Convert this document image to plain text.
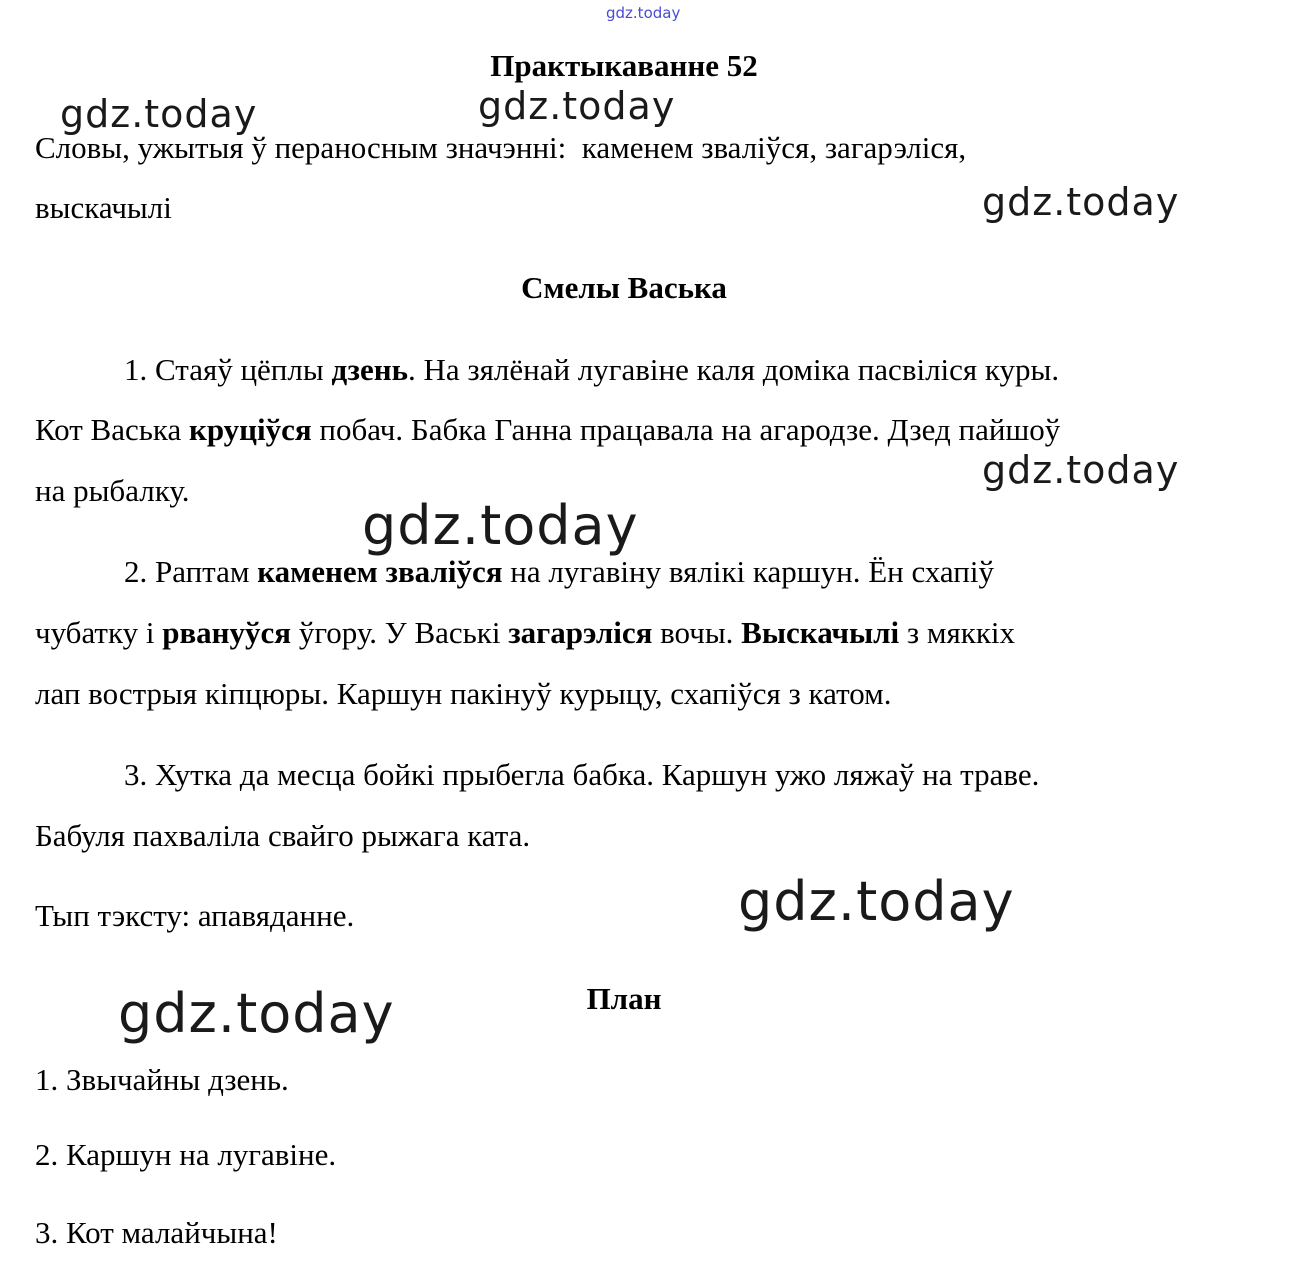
gdz.today
gdz.today	gdz.today
gdz.today
gdz.today
gdz.today
gdz.today
gdz.today
Практыкаванне 52

Словы, ужытыя ў пераносным значэнні: каменем зваліўся, загарэліся,

выскачылі

Смелы Васька

1. Стаяў цёплы дзень. На зялёнай лугавіне каля доміка пасвіліся куры.

Кот Васька круціўся побач. Бабка Ганна працавала на агародзе. Дзед пайшоў

на рыбалку.

2. Раптам каменем зваліўся на лугавіну вялікі каршун. Ён схапіў

чубатку і рвануўся ўгору. У Ваські загарэліся вочы. Выскачылі з мяккіх

лап вострыя кіпцюры. Каршун пакінуў курыцу, схапіўся з катом.

3. Хутка да месца бойкі прыбегла бабка. Каршун ужо ляжаў на траве.

Бабуля пахваліла свайго рыжага ката.

Тып тэксту: апавяданне.

План

1. Звычайны дзень.

2. Каршун на лугавіне.

3. Кот малайчына!
